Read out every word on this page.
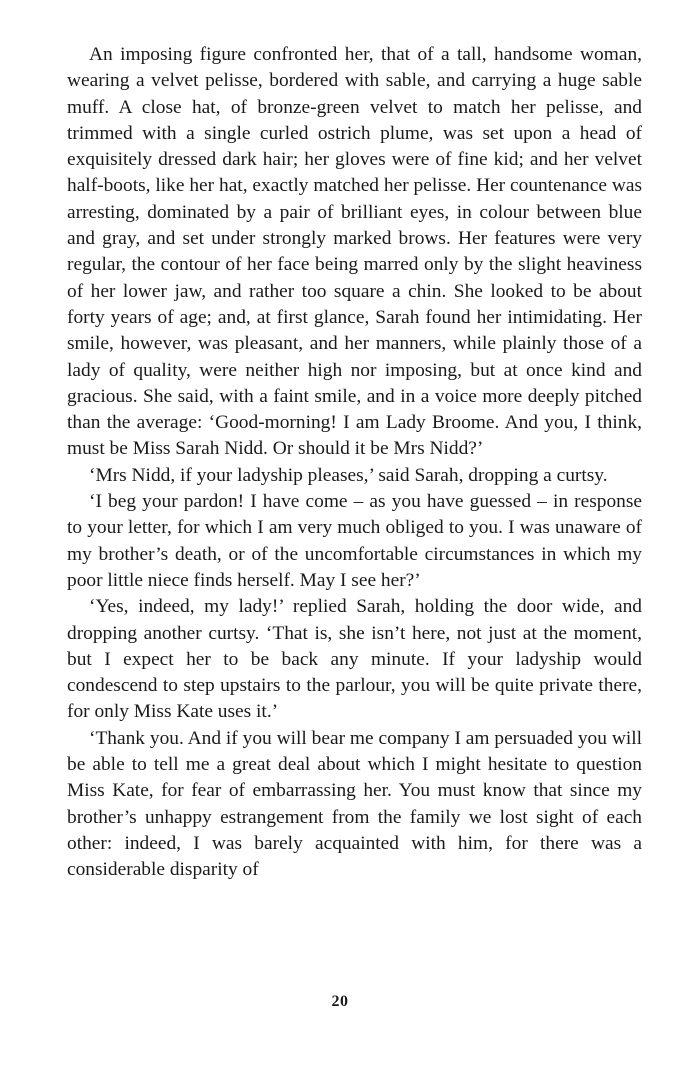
An imposing figure confronted her, that of a tall, handsome woman, wearing a velvet pelisse, bordered with sable, and carrying a huge sable muff. A close hat, of bronze-green velvet to match her pelisse, and trimmed with a single curled ostrich plume, was set upon a head of exquisitely dressed dark hair; her gloves were of fine kid; and her velvet half-boots, like her hat, exactly matched her pelisse. Her countenance was arresting, dominated by a pair of brilliant eyes, in colour between blue and gray, and set under strongly marked brows. Her features were very regular, the contour of her face being marred only by the slight heaviness of her lower jaw, and rather too square a chin. She looked to be about forty years of age; and, at first glance, Sarah found her intimidating. Her smile, however, was pleasant, and her manners, while plainly those of a lady of quality, were neither high nor imposing, but at once kind and gracious. She said, with a faint smile, and in a voice more deeply pitched than the average: ‘Good-morning! I am Lady Broome. And you, I think, must be Miss Sarah Nidd. Or should it be Mrs Nidd?’

‘Mrs Nidd, if your ladyship pleases,’ said Sarah, dropping a curtsy.

‘I beg your pardon! I have come – as you have guessed – in response to your letter, for which I am very much obliged to you. I was unaware of my brother’s death, or of the uncomfortable circumstances in which my poor little niece finds herself. May I see her?’

‘Yes, indeed, my lady!’ replied Sarah, holding the door wide, and dropping another curtsy. ‘That is, she isn’t here, not just at the moment, but I expect her to be back any minute. If your ladyship would condescend to step upstairs to the parlour, you will be quite private there, for only Miss Kate uses it.’

‘Thank you. And if you will bear me company I am persuaded you will be able to tell me a great deal about which I might hesitate to question Miss Kate, for fear of embarrassing her. You must know that since my brother’s unhappy estrangement from the family we lost sight of each other: indeed, I was barely acquainted with him, for there was a considerable disparity of

20
